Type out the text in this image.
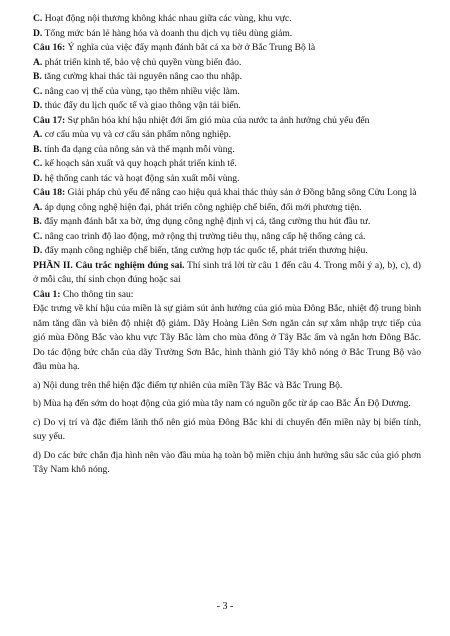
C. Hoạt động nội thương không khác nhau giữa các vùng, khu vực.

D. Tổng mức bán lẻ hàng hóa và doanh thu dịch vụ tiêu dùng giảm.

Câu 16: Ý nghĩa của việc đẩy mạnh đánh bắt cá xa bờ ở Bắc Trung Bộ là

A. phát triển kinh tế, bảo vệ chủ quyền vùng biển đảo.

B. tăng cường khai thác tài nguyên nâng cao thu nhập.

C. nâng cao vị thế của vùng, tạo thêm nhiều việc làm.

D. thúc đẩy du lịch quốc tế và giao thông vận tải biển.

Câu 17: Sự phân hóa khí hậu nhiệt đới ẩm gió mùa của nước ta ảnh hưởng chủ yếu đến

A. cơ cấu mùa vụ và cơ cấu sản phẩm nông nghiệp.

B. tính đa dạng của nông sản và thế mạnh mỗi vùng.

C. kế hoạch sản xuất và quy hoạch phát triển kinh tế.

D. hệ thống canh tác và hoạt động sản xuất mỗi vùng.

Câu 18: Giải pháp chủ yếu để nâng cao hiệu quả khai thác thủy sản ở Đồng bằng sông Cửu Long là

A. áp dụng công nghệ hiện đại, phát triển công nghiệp chế biến, đổi mới phương tiện.

B. đẩy mạnh đánh bắt xa bờ, ứng dụng công nghệ định vị cá, tăng cường thu hút đầu tư.

C. nâng cao trình độ lao động, mở rộng thị trường tiêu thụ, nâng cấp hệ thống cảng cá.

D. đẩy mạnh công nghiệp chế biến, tăng cường hợp tác quốc tế, phát triển thương hiệu.

PHẦN II. Câu trắc nghiệm đúng sai. Thí sinh trả lời từ câu 1 đến câu 4. Trong mỗi ý a), b), c), d) ở mỗi câu, thí sinh chọn đúng hoặc sai

Câu 1: Cho thông tin sau:

Đặc trưng về khí hậu của miền là sự giảm sút ảnh hưởng của gió mùa Đông Bắc, nhiệt độ trung bình năm tăng dần và biên độ nhiệt độ giảm. Dãy Hoàng Liên Sơn ngăn cản sự xâm nhập trực tiếp của gió mùa Đông Bắc vào khu vực Tây Bắc làm cho mùa đông ở Tây Bắc ấm và ngắn hơn Đông Bắc. Do tác động bức chắn của dãy Trường Sơn Bắc, hình thành gió Tây khô nóng ở Bắc Trung Bộ vào đầu mùa hạ.

a) Nội dung trên thể hiện đặc điểm tự nhiên của miền Tây Bắc và Bắc Trung Bộ.

b) Mùa hạ đến sớm do hoạt động của gió mùa tây nam có nguồn gốc từ áp cao Bắc Ấn Độ Dương.

c) Do vị trí và đặc điểm lãnh thổ nên gió mùa Đông Bắc khi di chuyển đến miền này bị biến tính, suy yếu.

d) Do các bức chắn địa hình nên vào đầu mùa hạ toàn bộ miền chịu ảnh hưởng sâu sắc của gió phơn Tây Nam khô nóng.

- 3 -
